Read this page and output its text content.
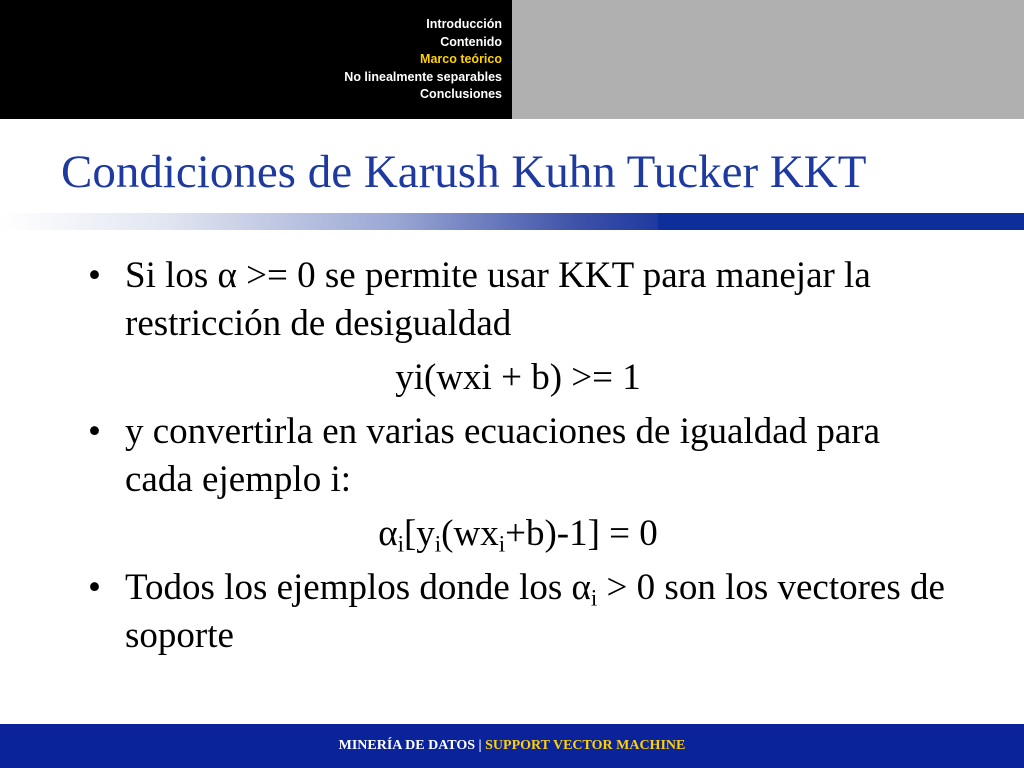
Introducción
Contenido
Marco teórico
No linealmente separables
Conclusiones
Condiciones de Karush Kuhn Tucker KKT
• Si los α >= 0 se permite usar KKT para manejar la restricción de desigualdad
yi(wxi + b) >= 1
• y convertirla en varias ecuaciones de igualdad para cada ejemplo i:
$\alpha_i[y_i(wx_i+b)-1] = 0$
• Todos los ejemplos donde los $\alpha_i > 0$ son los vectores de soporte
MINERÍA DE DATOS | SUPPORT VECTOR MACHINE
